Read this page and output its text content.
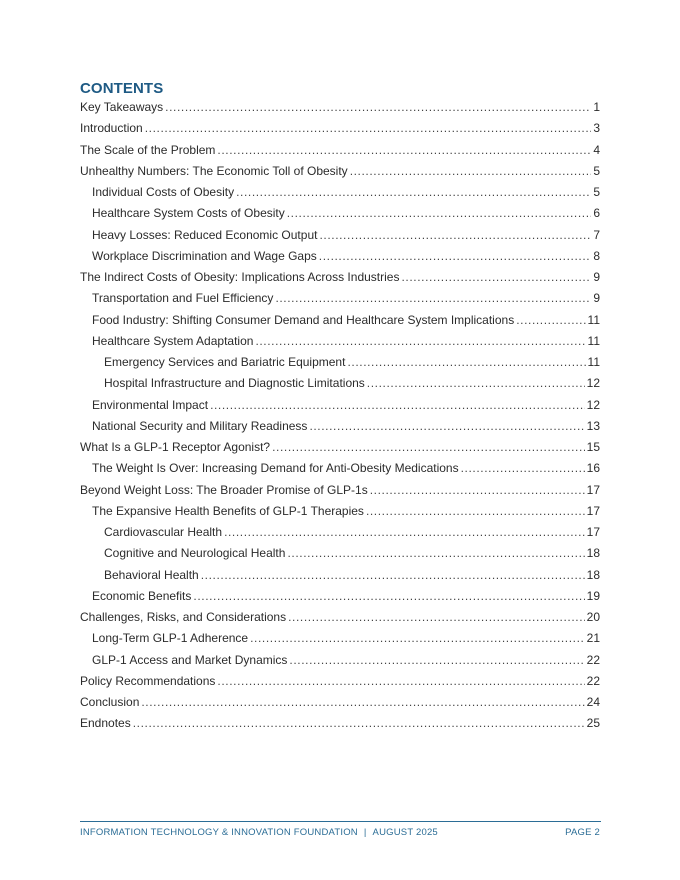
CONTENTS
Key Takeaways .....	1
Introduction .....	3
The Scale of the Problem .....	4
Unhealthy Numbers: The Economic Toll of Obesity .....	5
Individual Costs of Obesity .....	5
Healthcare System Costs of Obesity .....	6
Heavy Losses: Reduced Economic Output .....	7
Workplace Discrimination and Wage Gaps .....	8
The Indirect Costs of Obesity: Implications Across Industries .....	9
Transportation and Fuel Efficiency .....	9
Food Industry: Shifting Consumer Demand and Healthcare System Implications .....	11
Healthcare System Adaptation .....	11
Emergency Services and Bariatric Equipment .....	11
Hospital Infrastructure and Diagnostic Limitations .....	12
Environmental Impact .....	12
National Security and Military Readiness .....	13
What Is a GLP-1 Receptor Agonist? .....	15
The Weight Is Over: Increasing Demand for Anti-Obesity Medications .....	16
Beyond Weight Loss: The Broader Promise of GLP-1s .....	17
The Expansive Health Benefits of GLP-1 Therapies .....	17
Cardiovascular Health .....	17
Cognitive and Neurological Health .....	18
Behavioral Health .....	18
Economic Benefits .....	19
Challenges, Risks, and Considerations .....	20
Long-Term GLP-1 Adherence .....	21
GLP-1 Access and Market Dynamics .....	22
Policy Recommendations .....	22
Conclusion .....	24
Endnotes .....	25
INFORMATION TECHNOLOGY & INNOVATION FOUNDATION | AUGUST 2025	PAGE 2
